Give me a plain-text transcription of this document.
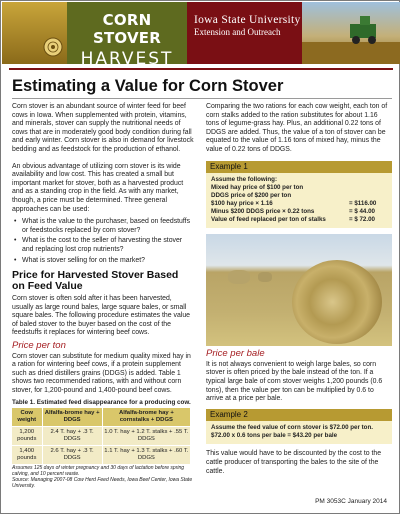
CORN STOVER
HARVEST
Iowa State University
Extension and Outreach
Estimating a Value for Corn Stover

Corn stover is an abundant source of winter feed for beef cows in Iowa. When supplemented with protein, vitamins, and minerals, stover can supply the nutritional needs of cows that are in moderately good body condition during fall and early winter. Corn stover is also in demand for livestock bedding and as feedstock for the production of ethanol.

An obvious advantage of utilizing corn stover is its wide availability and low cost. This has created a small but important market for stover, both as a harvested product and as a standing crop in the field. As with any market, though, a price must be determined. Three general approaches can be used:

• What is the value to the purchaser, based on feedstuffs or feedstocks replaced by corn stover?
• What is the cost to the seller of harvesting the stover and replacing lost crop nutrients?
• What is stover selling for on the market?
Price for Harvested Stover Based on Feed Value

Corn stover is often sold after it has been harvested, usually as large round bales, large square bales, or small square bales. The following procedure estimates the value of baled stover to the buyer based on the cost of the feedstuffs it replaces for wintering beef cows.

Price per ton

Corn stover can substitute for medium quality mixed hay in a ration for wintering beef cows, if a protein supplement such as dried distillers grains (DDGS) is added. Table 1 shows two recommended rations, with and without corn stover, for 1,200-pound and 1,400-pound beef cows.

Table 1. Estimated feed disappearance for a producing cow.
Cow weight	Alfalfa-brome hay + DDGS	Alfalfa-brome hay + cornstalks + DDGS
1,200 pounds	2.4 T. hay + .3 T. DDGS	1.0 T. hay + 1.2 T. stalks + .55 T. DDGS
1,400 pounds	2.6 T. hay + .3 T. DDGS	1.1 T. hay + 1.3 T. stalks + .60 T. DDGS
Assumes 125 days of winter pregnancy and 30 days of lactation before spring calving, and 10 percent waste.
Source: Managing 2007-08 Cow Herd Feed Needs, Iowa Beef Center, Iowa State University.

Comparing the two rations for each cow weight, each ton of corn stalks added to the ration substitutes for about 1.16 tons of legume-grass hay. Plus, an additional 0.22 tons of DDGS are added. Thus, the value of a ton of stover can be equated to the value of 1.16 tons of mixed hay, minus the value of 0.22 tons of DDGS.

Example 1
Assume the following:
Mixed hay price of $100 per ton
DDGS price of $200 per ton
$100 hay price × 1.16	= $116.00
Minus $200 DDGS price × 0.22 tons	= $ 44.00
Value of feed replaced per ton of stalks	= $ 72.00
Price per bale

It is not always convenient to weigh large bales, so corn stover is often priced by the bale instead of the ton. If a typical large bale of corn stover weighs 1,200 pounds (0.6 tons), then the value per ton can be multiplied by 0.6 to arrive at a price per bale.

Example 2
Assume the feed value of corn stover is $72.00 per ton.
$72.00 x 0.6 tons per bale = $43.20 per bale

This value would have to be discounted by the cost to the cattle producer of transporting the bales to the site of the cattle.

PM 3053C January 2014
